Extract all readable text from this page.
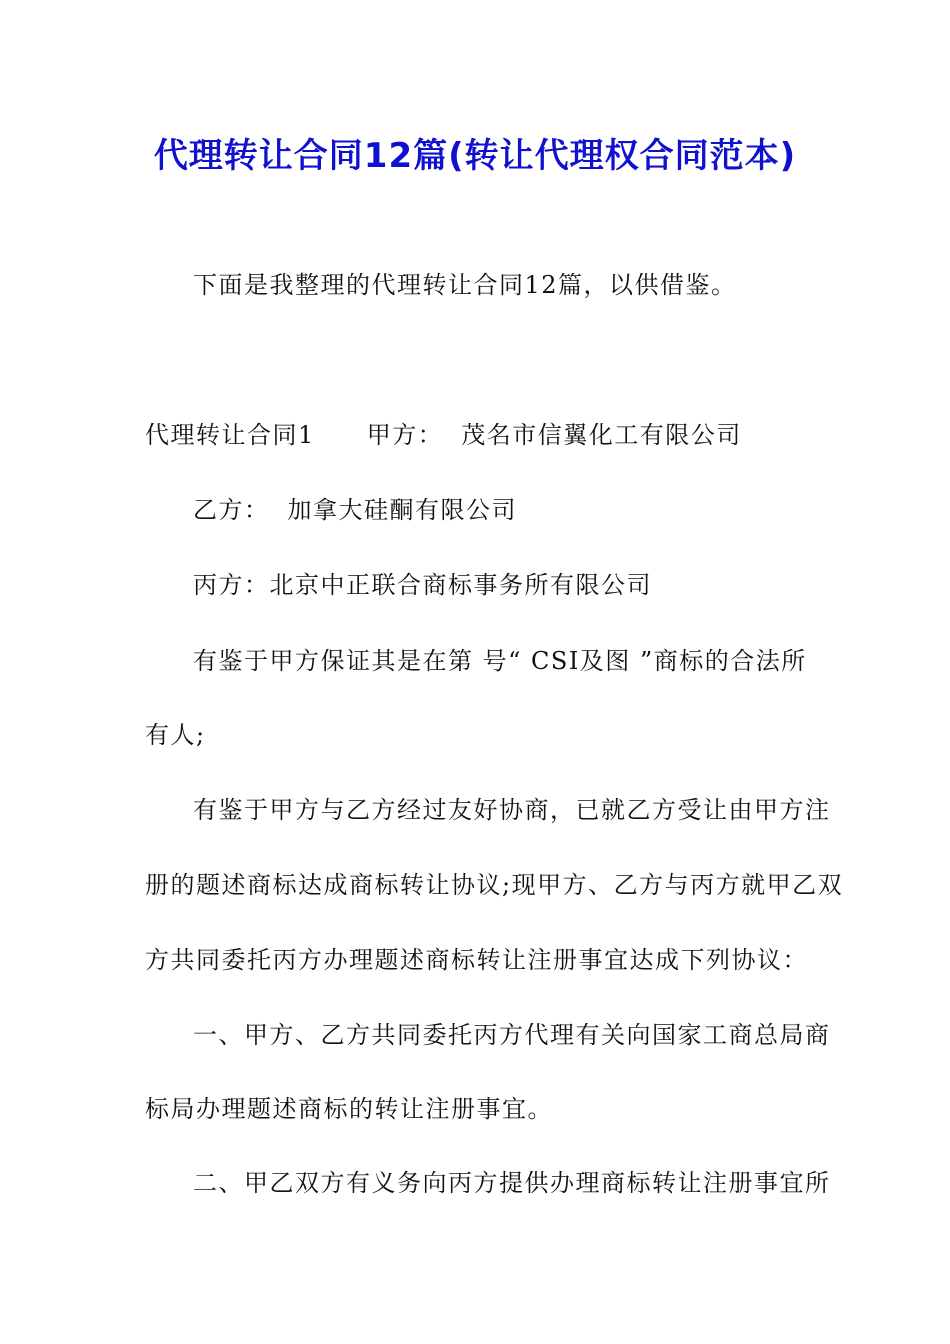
代理转让合同12篇(转让代理权合同范本)
下面是我整理的代理转让合同12篇，以供借鉴。
代理转让合同1 甲方： 茂名市信翼化工有限公司
乙方： 加拿大硅酮有限公司
丙方：北京中正联合商标事务所有限公司
有鉴于甲方保证其是在第 号“ CSI及图 ”商标的合法所
有人;
有鉴于甲方与乙方经过友好协商，已就乙方受让由甲方注
册的题述商标达成商标转让协议;现甲方、乙方与丙方就甲乙双
方共同委托丙方办理题述商标转让注册事宜达成下列协议：
一、甲方、乙方共同委托丙方代理有关向国家工商总局商
标局办理题述商标的转让注册事宜。
二、甲乙双方有义务向丙方提供办理商标转让注册事宜所
